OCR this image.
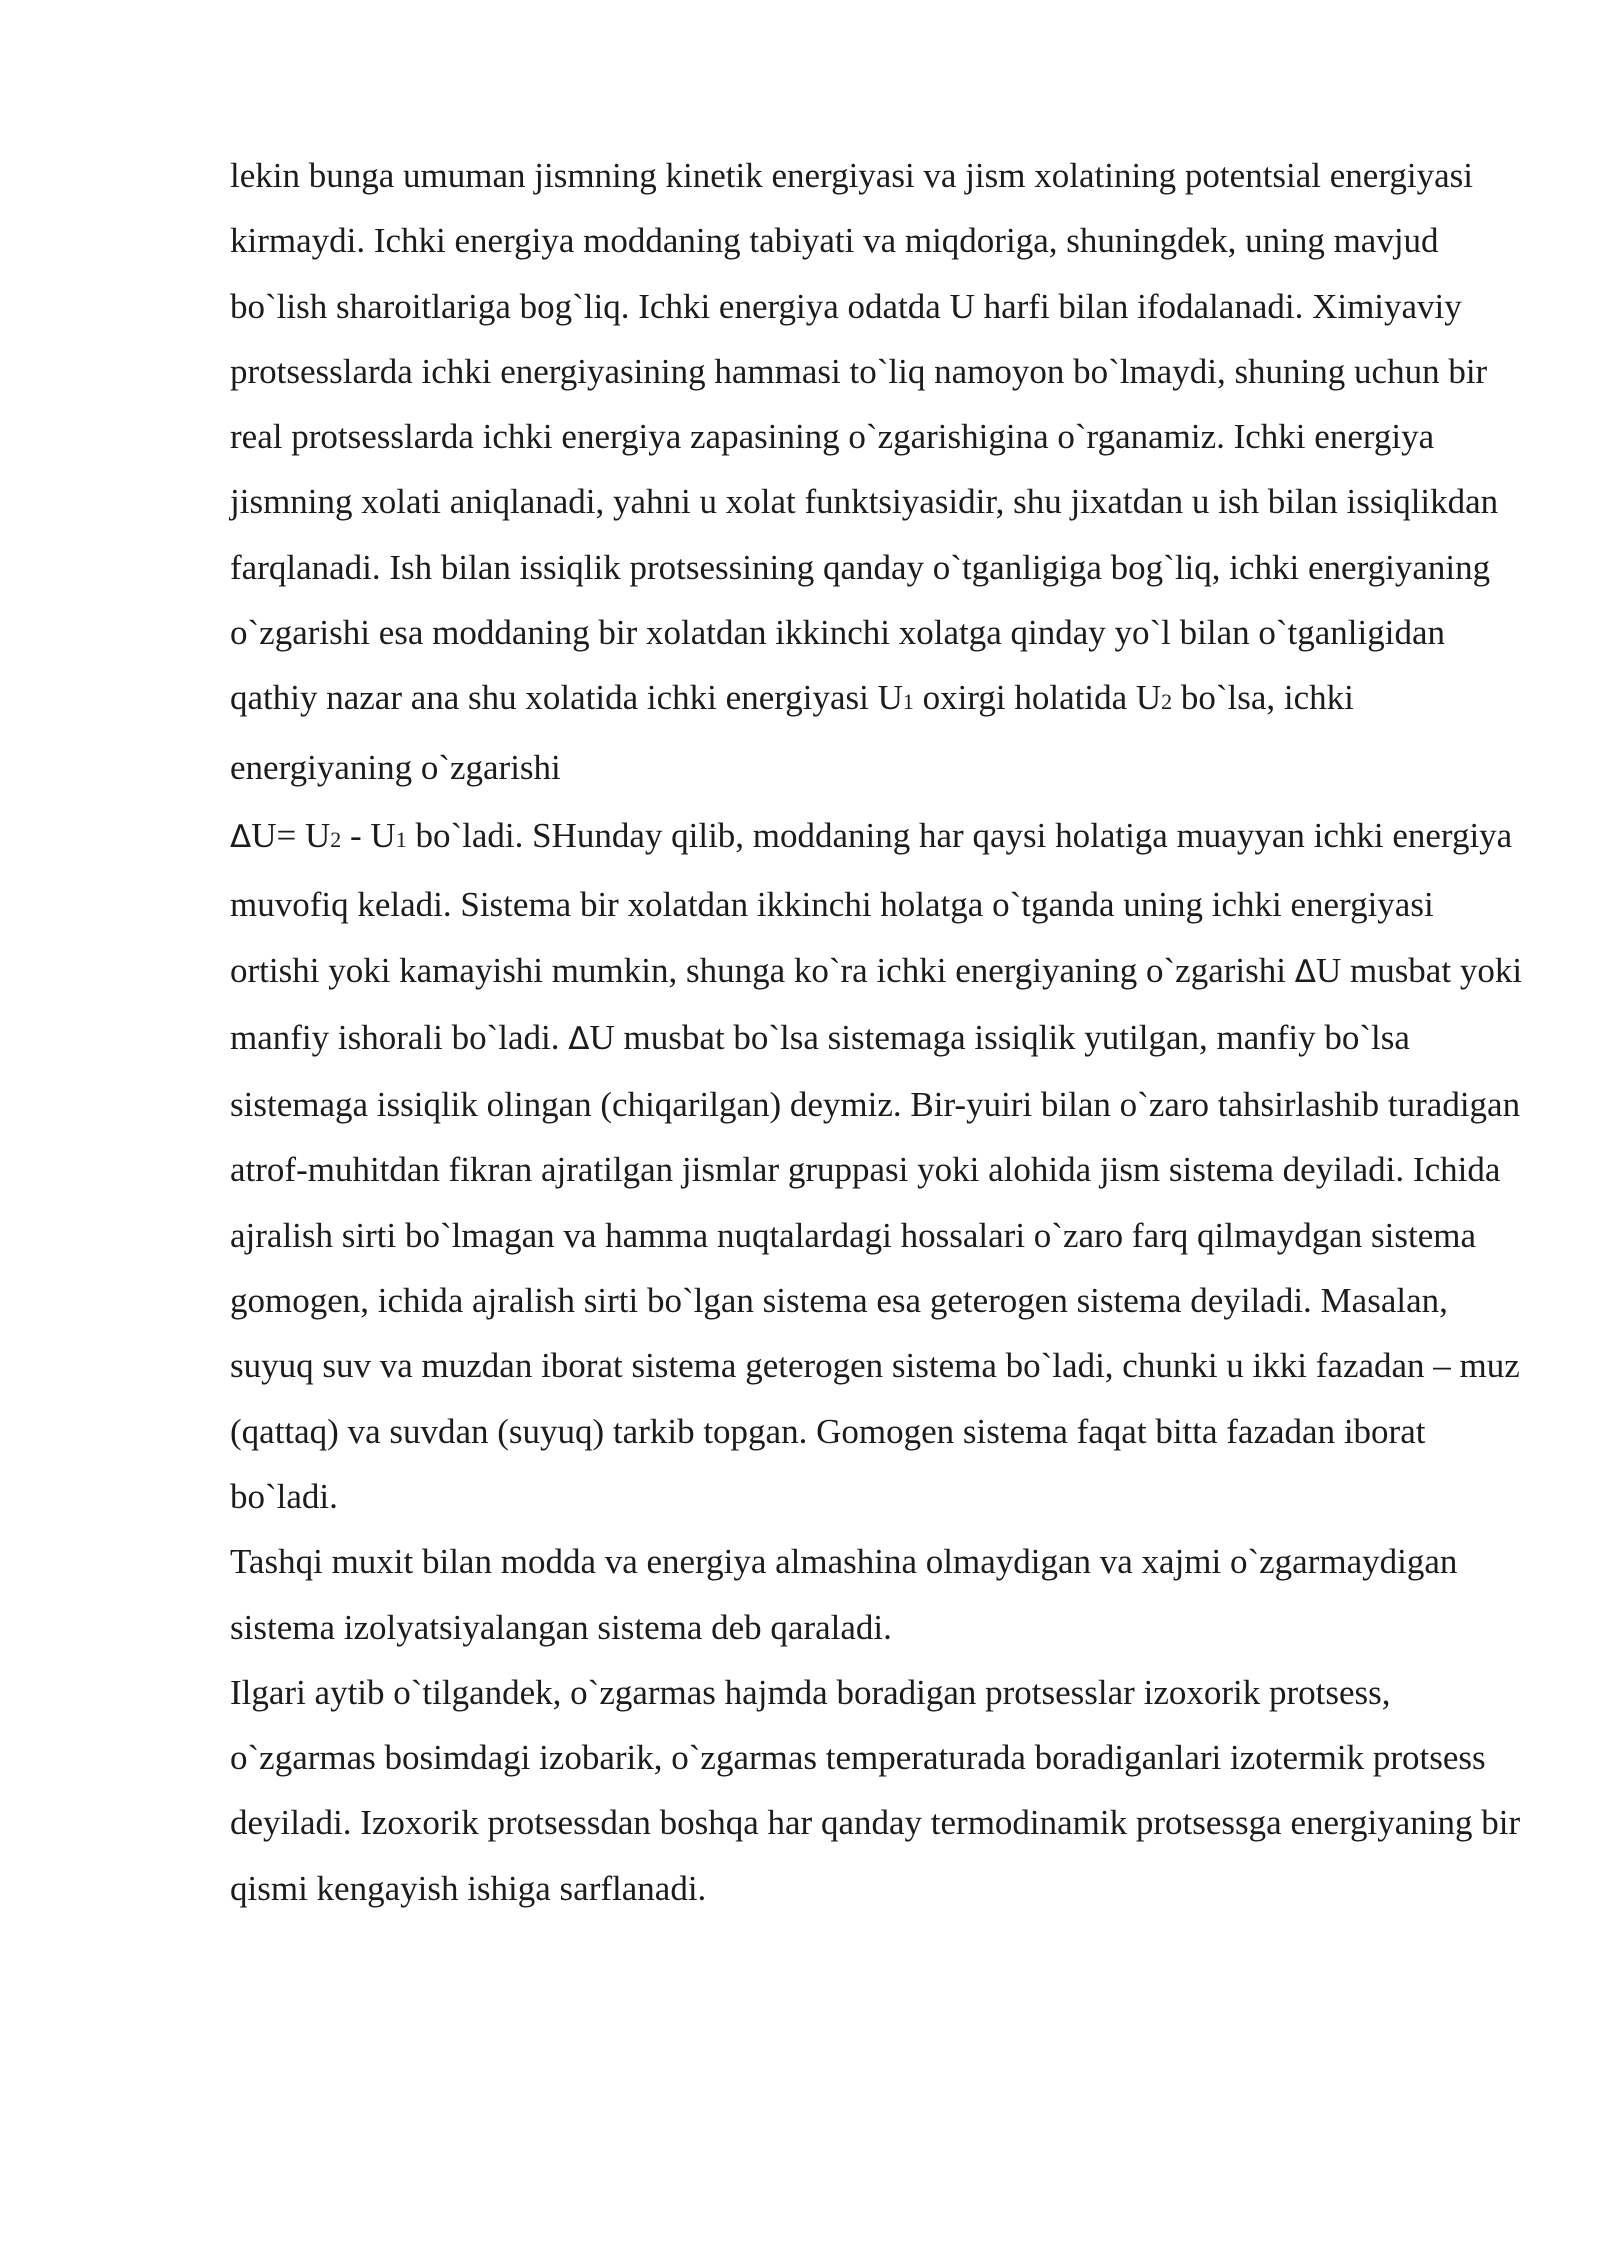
lekin bunga umuman jismning kinetik energiyasi va jism xolatining potentsial energiyasi kirmaydi. Ichki energiya moddaning tabiyati va miqdoriga, shuningdek, uning mavjud bo`lish sharoitlariga bog`liq. Ichki energiya odatda U harfi bilan ifodalanadi. Ximiyaviy protsesslarda ichki energiyasining hammasi to`liq namoyon bo`lmaydi, shuning uchun bir real protsesslarda ichki energiya zapasining o`zgarishigina o`rganamiz. Ichki energiya jismning xolati aniqlanadi, yahni u xolat funktsiyasidir, shu jixatdan u ish bilan issiqlikdan farqlanadi. Ish bilan issiqlik protsessining qanday o`tganligiga bog`liq, ichki energiyaning o`zgarishi esa moddaning bir xolatdan ikkinchi xolatga qinday yo`l bilan o`tganligidan qathiy nazar ana shu xolatida ichki energiyasi U1 oxirgi holatida U2 bo`lsa, ichki energiyaning o`zgarishi

ΔU= U2 - U1 bo`ladi. SHunday qilib, moddaning har qaysi holatiga muayyan ichki energiya muvofiq keladi. Sistema bir xolatdan ikkinchi holatga o`tganda uning ichki energiyasi ortishi yoki kamayishi mumkin, shunga ko`ra ichki energiyaning o`zgarishi ΔU musbat yoki manfiy ishorali bo`ladi. ΔU musbat bo`lsa sistemaga issiqlik yutilgan, manfiy bo`lsa sistemaga issiqlik olingan (chiqarilgan) deymiz. Bir-yuiri bilan o`zaro tahsirlashib turadigan atrof-muhitdan fikran ajratilgan jismlar gruppasi yoki alohida jism sistema deyiladi. Ichida ajralish sirti bo`lmagan va hamma nuqtalardagi hossalari o`zaro farq qilmaydgan sistema gomogen, ichida ajralish sirti bo`lgan sistema esa geterogen sistema deyiladi. Masalan, suyuq suv va muzdan iborat sistema geterogen sistema bo`ladi, chunki u ikki fazadan – muz (qattaq) va suvdan (suyuq) tarkib topgan. Gomogen sistema faqat bitta fazadan iborat bo`ladi.

Tashqi muxit bilan modda va energiya almashina olmaydigan va xajmi o`zgarmaydigan sistema izolyatsiyalangan sistema deb qaraladi.

Ilgari aytib o`tilgandek, o`zgarmas hajmda boradigan protsesslar izoxorik protsess, o`zgarmas bosimdagi izobarik, o`zgarmas temperaturada boradiganlari izotermik protsess deyiladi. Izoxorik protsessdan boshqa har qanday termodinamik protsessga energiyaning bir qismi kengayish ishiga sarflanadi.
